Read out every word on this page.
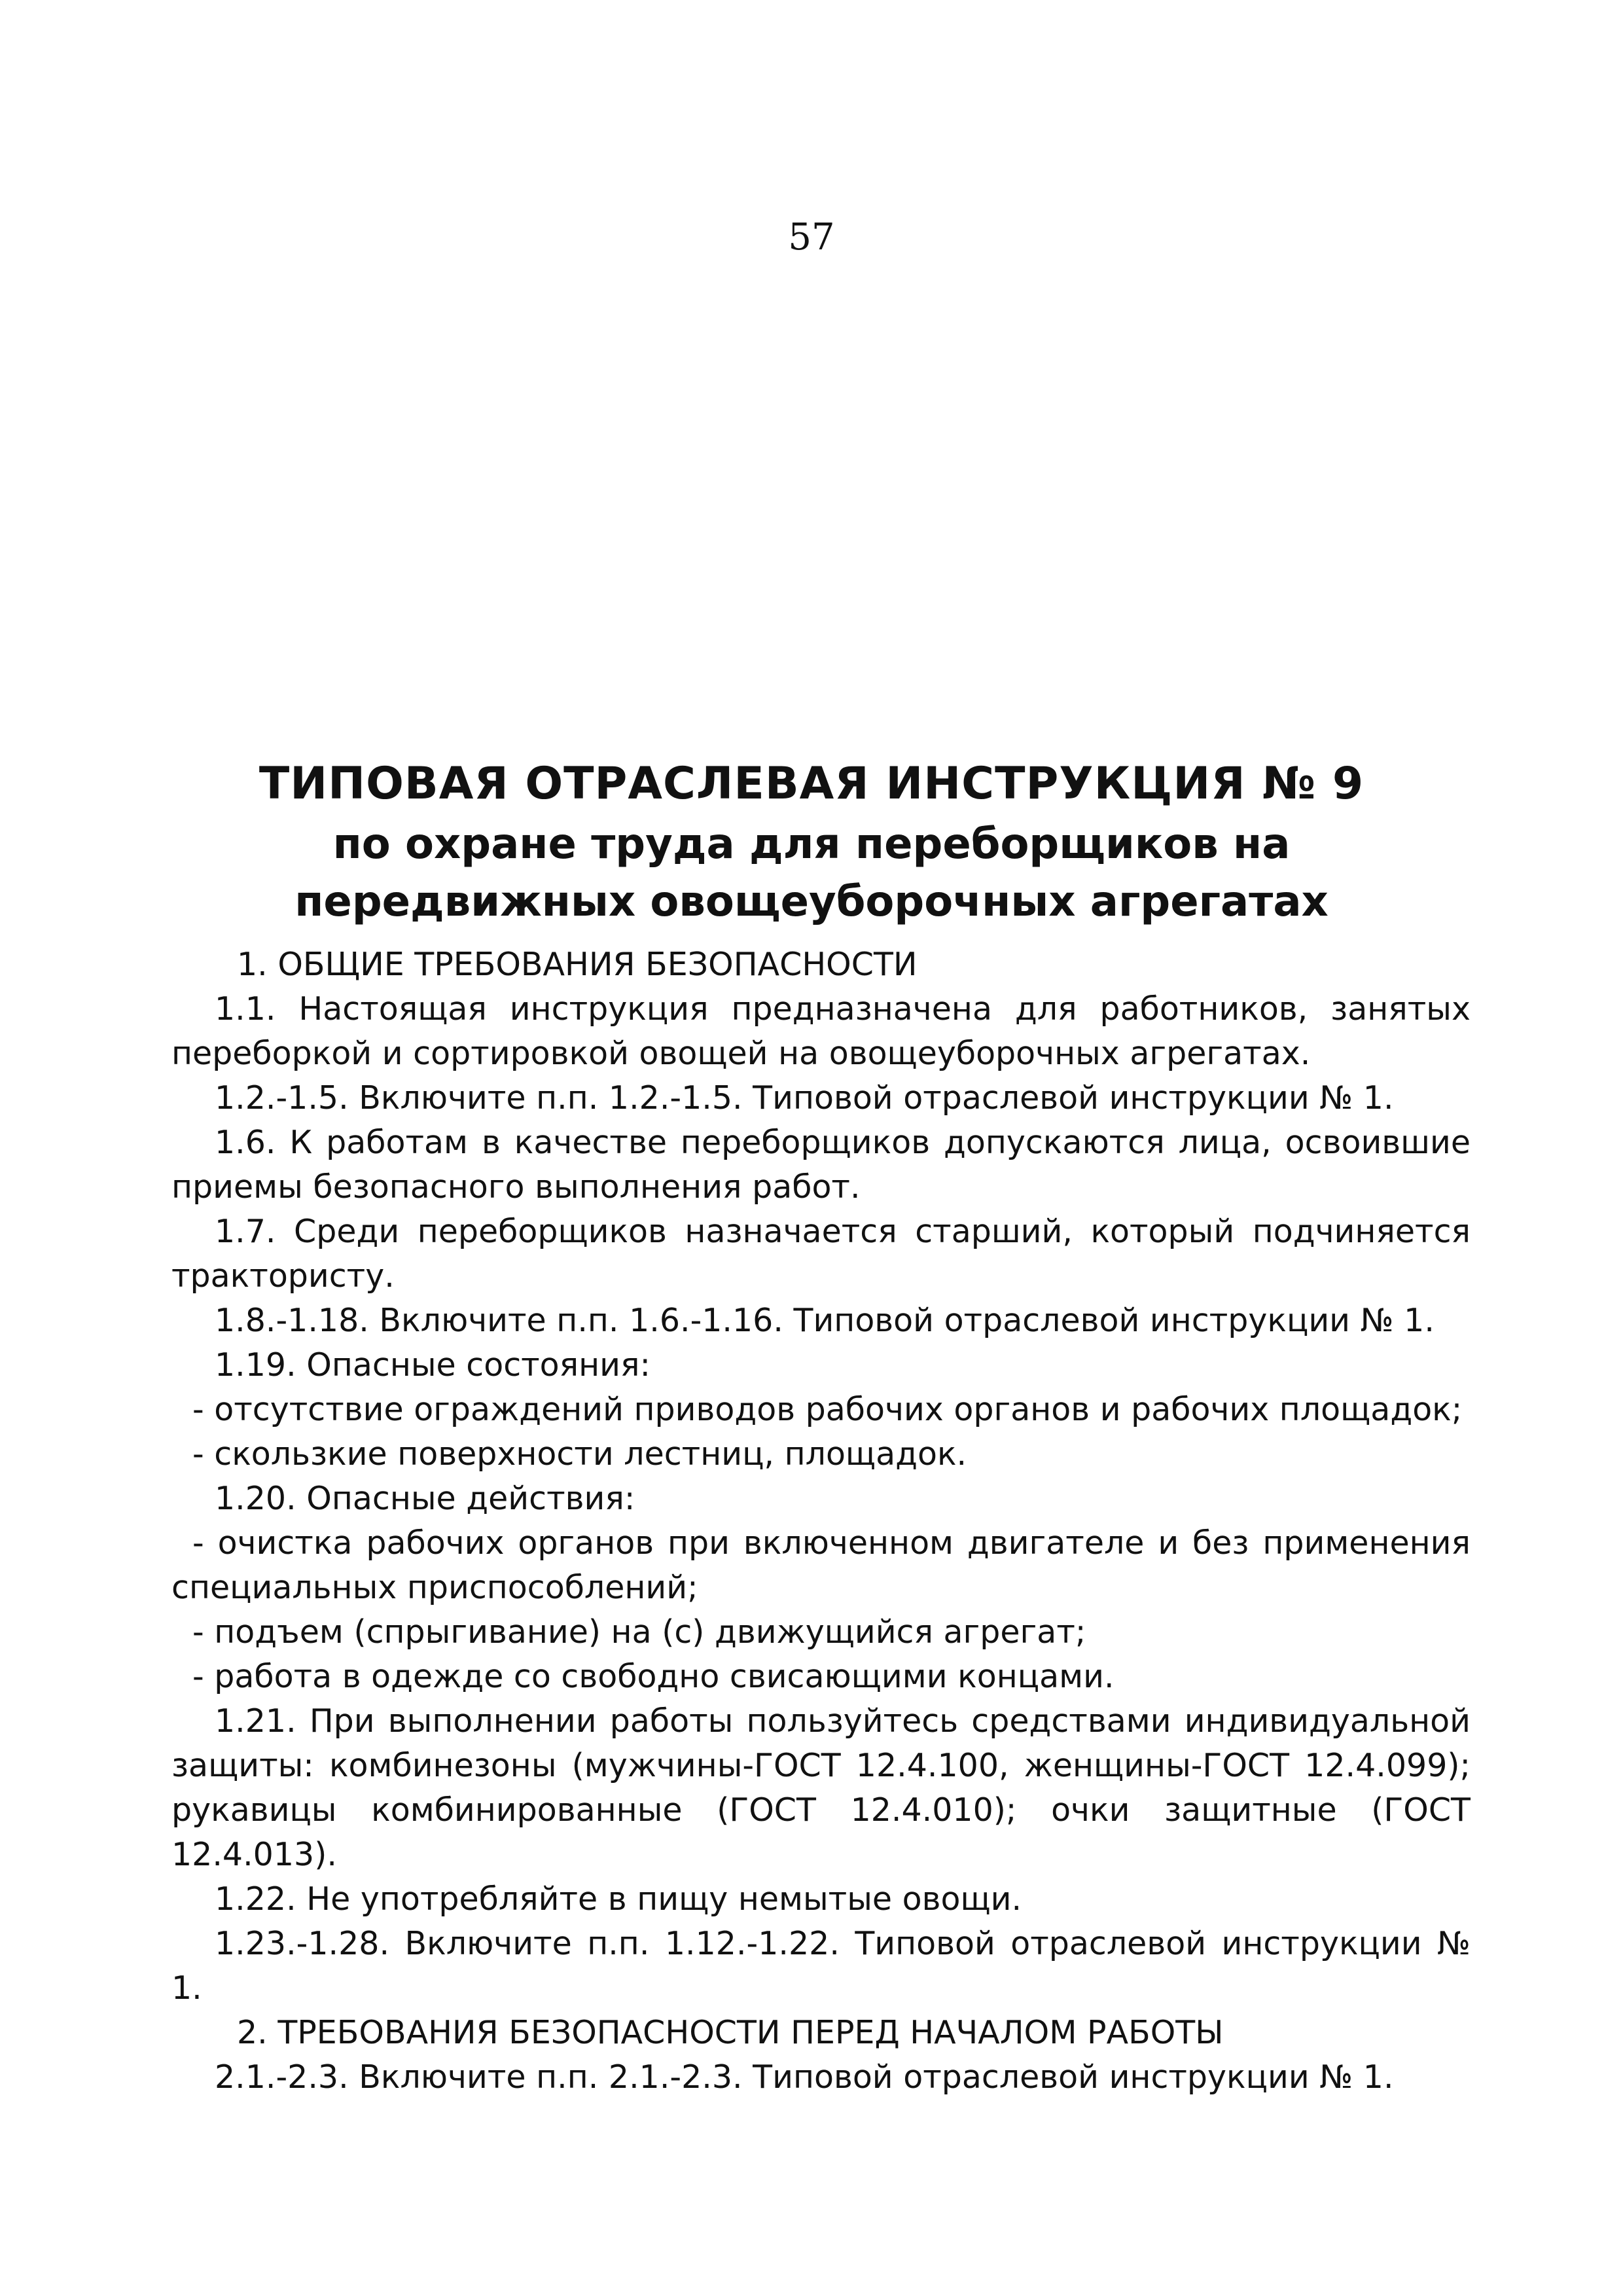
57
ТИПОВАЯ ОТРАСЛЕВАЯ ИНСТРУКЦИЯ № 9
по охране труда для переборщиков на передвижных овощеуборочных агрегатах

1. ОБЩИЕ ТРЕБОВАНИЯ БЕЗОПАСНОСТИ

1.1. Настоящая инструкция предназначена для работников, занятых переборкой и сортировкой овощей на овощеуборочных агрегатах.

1.2.-1.5. Включите п.п. 1.2.-1.5. Типовой отраслевой инструкции № 1.

1.6. К работам в качестве переборщиков допускаются лица, освоившие приемы безопасного выполнения работ.

1.7. Среди переборщиков назначается старший, который подчиняется трактористу.

1.8.-1.18. Включите п.п. 1.6.-1.16. Типовой отраслевой инструкции № 1.

1.19. Опасные состояния:

- отсутствие ограждений приводов рабочих органов и рабочих площадок;

- скользкие поверхности лестниц, площадок.

1.20. Опасные действия:

- очистка рабочих органов при включенном двигателе и без применения специальных приспособлений;

- подъем (спрыгивание) на (с) движущийся агрегат;

- работа в одежде со свободно свисающими концами.

1.21. При выполнении работы пользуйтесь средствами индивидуальной защиты: комбинезоны (мужчины-ГОСТ 12.4.100, женщины-ГОСТ 12.4.099); рукавицы комбинированные (ГОСТ 12.4.010); очки защитные (ГОСТ 12.4.013).

1.22. Не употребляйте в пищу немытые овощи.

1.23.-1.28. Включите п.п. 1.12.-1.22. Типовой отраслевой инструкции № 1.

2. ТРЕБОВАНИЯ БЕЗОПАСНОСТИ ПЕРЕД НАЧАЛОМ РАБОТЫ

2.1.-2.3. Включите п.п. 2.1.-2.3. Типовой отраслевой инструкции № 1.
